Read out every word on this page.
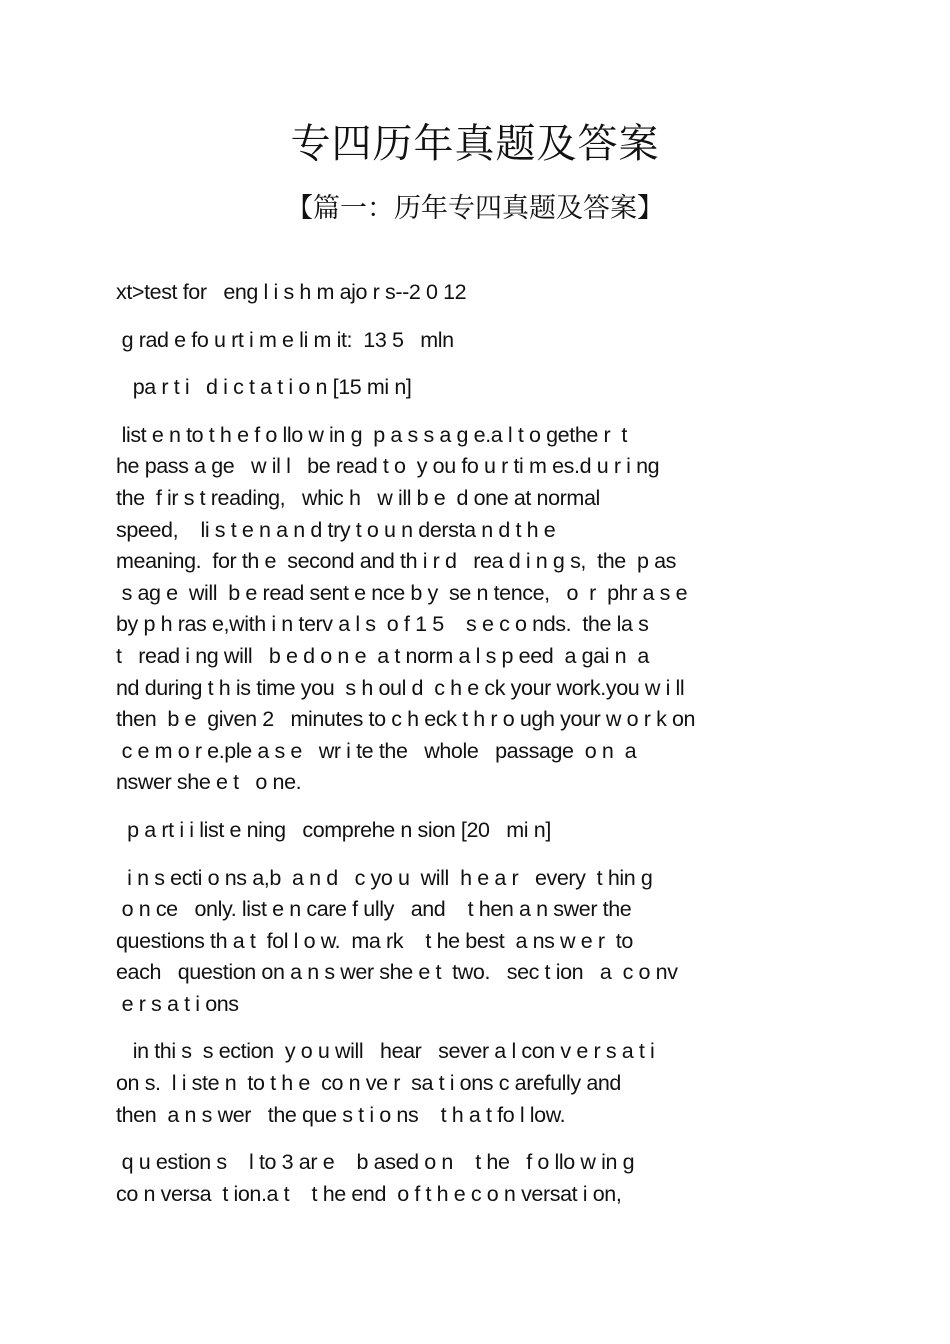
专四历年真题及答案
【篇一：历年专四真题及答案】
xt>test for   eng l i s h m ajo r s--2 0 12
g rad e fo u rt i m e li m it:  13 5   mln
pa r t i   d i c t a t i o n [15 mi n]
list e n to t h e f o llo w in g  p a s s a g e.a l t o gethe r  t
he pass a ge   w il l   be read t o  y ou fo u r ti m es.d u r i ng
the  f ir s t reading,   whic h   w ill b e  d one at normal
speed,    li s t e n a n d try t o u n dersta n d t h e
meaning.  for th e  second and th i r d   rea d i n g s,  the  p as
s ag e  will  b e read sent e nce b y  se n tence,   o  r  phr a s e
by p h ras e,with i n terv a l s  o f 1 5    s e c o nds.  the la s
t   read i ng will   b e d o n e  a t norm a l s p eed  a gai n  a
nd during t h is time you  s h oul d  c h e ck your work.you w i ll
then  b e  given 2   minutes to c h eck t h r o ugh your w o r k on
c e m o r e.ple a s e   wr i te the   whole   passage  o n  a
nswer she e t   o ne.
p a rt i i list e ning   comprehe n sion [20   mi n]
i n s ecti o ns a,b  a n d   c yo u  will  h e a r   every  t hin g
o n ce   only. list e n care f ully   and    t hen a n swer the
questions th a t  fol l o w.  ma rk    t he best  a ns w e r  to
each   question on a n s wer she e t  two.   sec t ion   a  c o nv
e r s a t i ons
in thi s  s ection  y o u will   hear   sever a l con v e r s a t i
on s.  l i ste n  to t h e  co n ve r  sa t i ons c arefully and
then  a n s wer   the que s t i o ns    t h a t fo l low.
q u estion s    l to 3 ar e    b ased o n    t he   f o llo w in g
co n versa  t ion.a t    t he end  o f t h e c o n versat i on,
